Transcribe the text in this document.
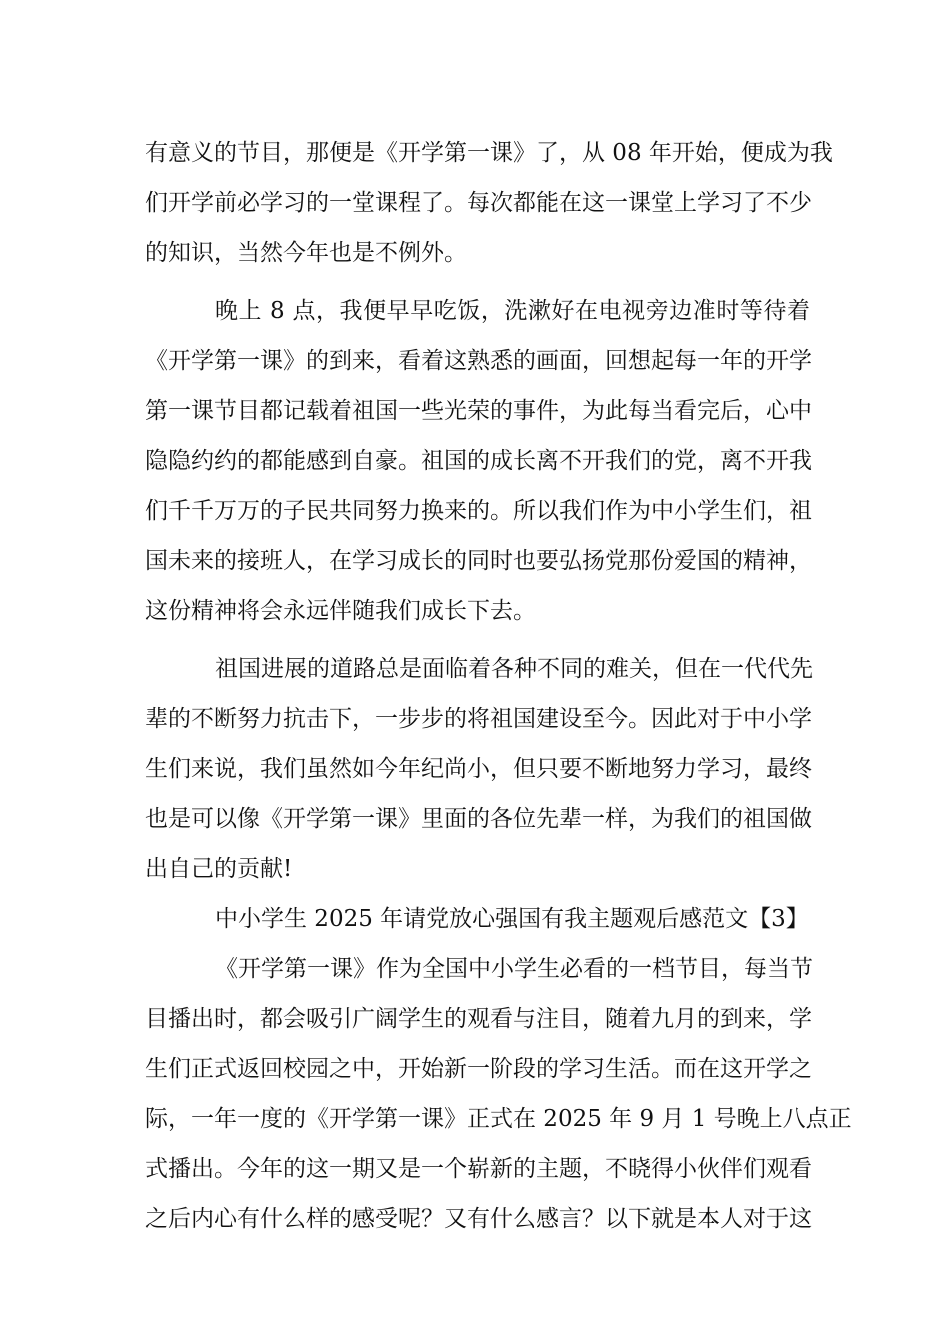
有意义的节目，那便是《开学第一课》了，从 08 年开始，便成为我
们开学前必学习的一堂课程了。每次都能在这一课堂上学习了不少
的知识，当然今年也是不例外。
晚上 8 点，我便早早吃饭，洗漱好在电视旁边准时等待着
《开学第一课》的到来，看着这熟悉的画面，回想起每一年的开学
第一课节目都记载着祖国一些光荣的事件，为此每当看完后，心中
隐隐约约的都能感到自豪。祖国的成长离不开我们的党，离不开我
们千千万万的子民共同努力换来的。所以我们作为中小学生们，祖
国未来的接班人，在学习成长的同时也要弘扬党那份爱国的精神，
这份精神将会永远伴随我们成长下去。
祖国进展的道路总是面临着各种不同的难关，但在一代代先
辈的不断努力抗击下，一步步的将祖国建设至今。因此对于中小学
生们来说，我们虽然如今年纪尚小，但只要不断地努力学习，最终
也是可以像《开学第一课》里面的各位先辈一样，为我们的祖国做
出自己的贡献!
中小学生 2025 年请党放心强国有我主题观后感范文【3】
《开学第一课》作为全国中小学生必看的一档节目，每当节
目播出时，都会吸引广阔学生的观看与注目，随着九月的到来，学
生们正式返回校园之中，开始新一阶段的学习生活。而在这开学之
际，一年一度的《开学第一课》正式在 2025 年 9 月 1 号晚上八点正
式播出。今年的这一期又是一个崭新的主题，不晓得小伙伴们观看
之后内心有什么样的感受呢？又有什么感言？以下就是本人对于这
